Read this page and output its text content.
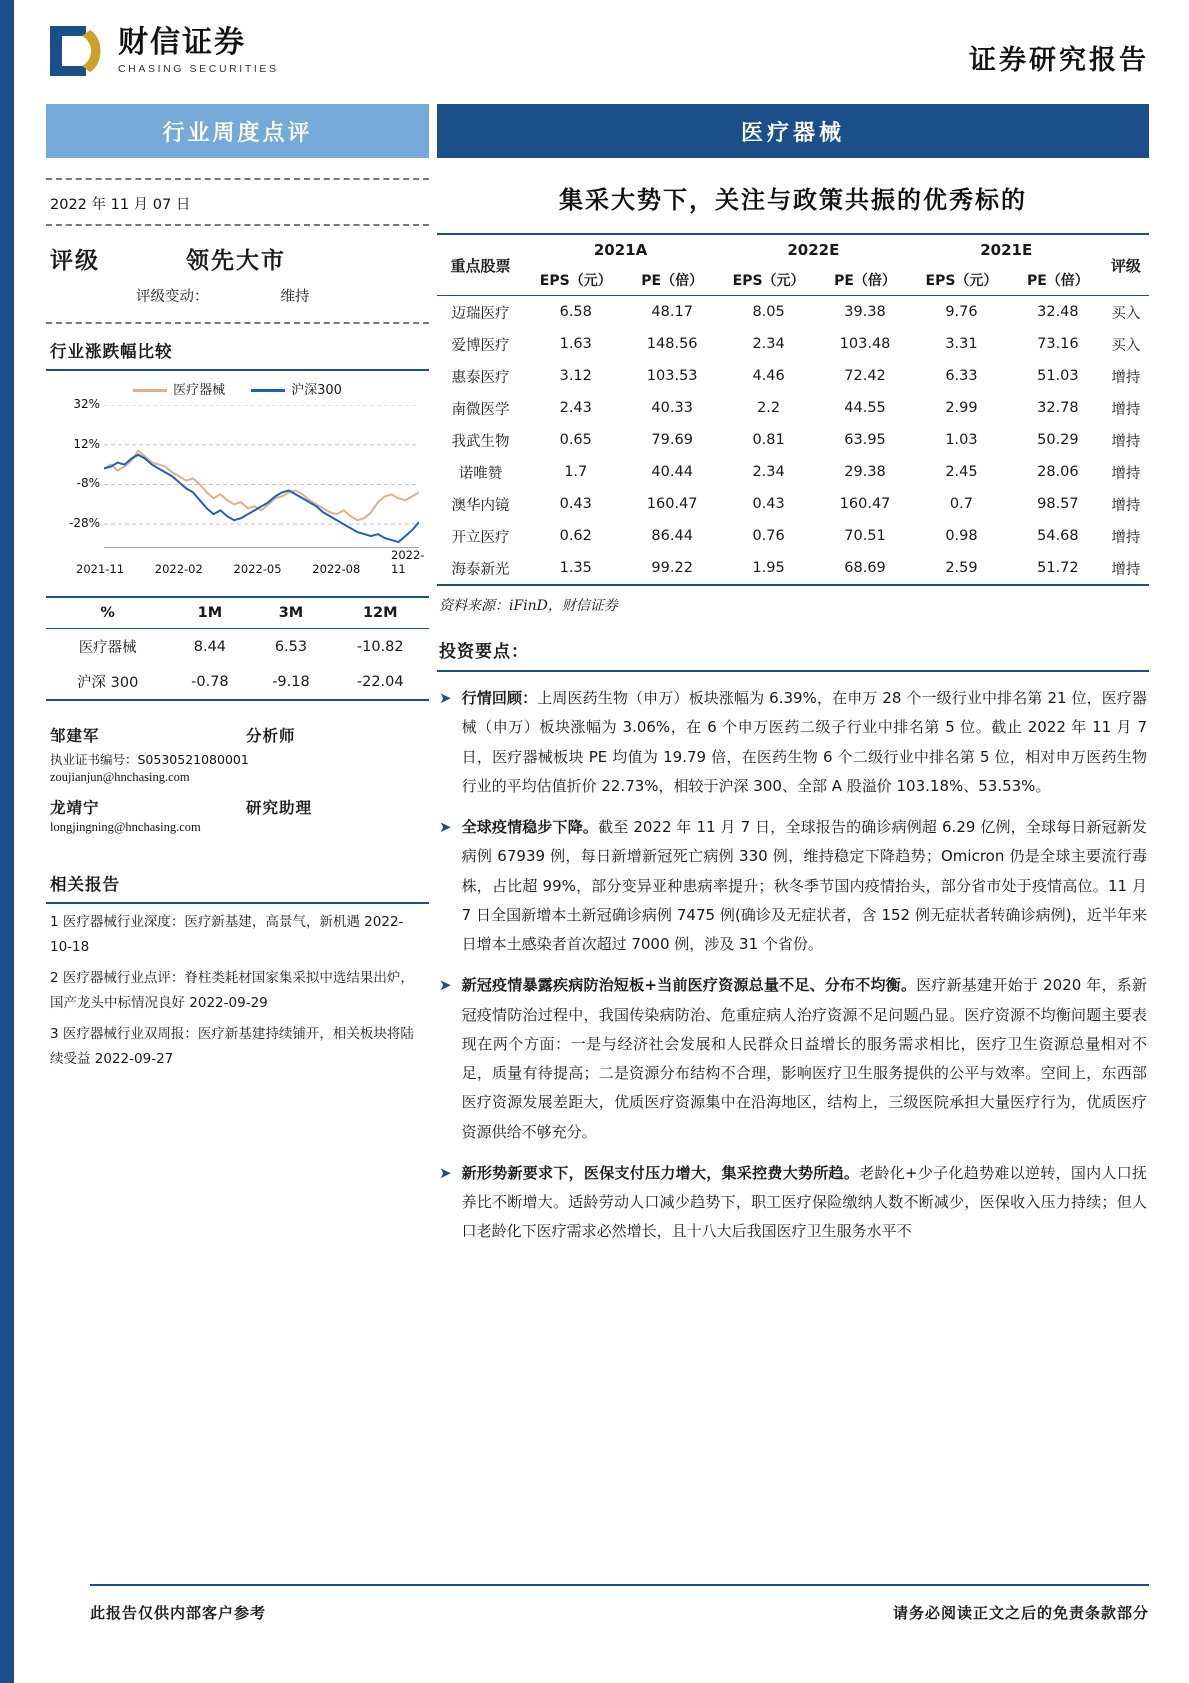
财信证券
CHASING SECURITIES	证券研究报告
行业周度点评	医疗器械
2022 年 11 月 07 日
评级	领先大市
评级变动：	维持
行业涨跌幅比较
医疗器械	沪深300
32%
12%
-8%
-28%
2021-11	2022-02	2022-05	2022-08
2022-11
%	1M	3M	12M
医疗器械	8.44	6.53	-10.82
沪深 300	-0.78	-9.18	-22.04
邹建军	分析师
执业证书编号：S0530521080001
zoujianjun@hnchasing.com
龙靖宁	研究助理
longjingning@hnchasing.com
相关报告
1 医疗器械行业深度：医疗新基建，高景气，新机遇 2022-10-18
2 医疗器械行业点评：脊柱类耗材国家集采拟中选结果出炉，国产龙头中标情况良好 2022-09-29
3 医疗器械行业双周报：医疗新基建持续铺开，相关板块将陆续受益 2022-09-27
集采大势下，关注与政策共振的优秀标的
重点股票	2021A		2022E		2021E		评级
	EPS（元）	PE（倍）	EPS（元）	PE（倍）	EPS（元）	PE（倍）	
迈瑞医疗	6.58	48.17	8.05	39.38	9.76	32.48	买入
爱博医疗	1.63	148.56	2.34	103.48	3.31	73.16	买入
惠泰医疗	3.12	103.53	4.46	72.42	6.33	51.03	增持
南微医学	2.43	40.33	2.2	44.55	2.99	32.78	增持
我武生物	0.65	79.69	0.81	63.95	1.03	50.29	增持
诺唯赞	1.7	40.44	2.34	29.38	2.45	28.06	增持
澳华内镜	0.43	160.47	0.43	160.47	0.7	98.57	增持
开立医疗	0.62	86.44	0.76	70.51	0.98	54.68	增持
海泰新光	1.35	99.22	1.95	68.69	2.59	51.72	增持
资料来源：iFinD，财信证券
投资要点：
➤ 行情回顾：上周医药生物（申万）板块涨幅为 6.39%，在申万 28 个一级行业中排名第 21 位，医疗器械（申万）板块涨幅为 3.06%，在 6 个申万医药二级子行业中排名第 5 位。截止 2022 年 11 月 7 日，医疗器械板块 PE 均值为 19.79 倍，在医药生物 6 个二级行业中排名第 5 位，相对申万医药生物行业的平均估值折价 22.73%，相较于沪深 300、全部 A 股溢价 103.18%、53.53%。
➤ 全球疫情稳步下降。截至 2022 年 11 月 7 日，全球报告的确诊病例超 6.29 亿例，全球每日新冠新发病例 67939 例，每日新增新冠死亡病例 330 例，维持稳定下降趋势；Omicron 仍是全球主要流行毒株，占比超 99%，部分变异亚种患病率提升；秋冬季节国内疫情抬头，部分省市处于疫情高位。11 月 7 日全国新增本土新冠确诊病例 7475 例(确诊及无症状者，含 152 例无症状者转确诊病例)，近半年来日增本土感染者首次超过 7000 例，涉及 31 个省份。
➤ 新冠疫情暴露疾病防治短板+当前医疗资源总量不足、分布不均衡。医疗新基建开始于 2020 年，系新冠疫情防治过程中，我国传染病防治、危重症病人治疗资源不足问题凸显。医疗资源不均衡问题主要表现在两个方面：一是与经济社会发展和人民群众日益增长的服务需求相比，医疗卫生资源总量相对不足，质量有待提高；二是资源分布结构不合理，影响医疗卫生服务提供的公平与效率。空间上，东西部医疗资源发展差距大，优质医疗资源集中在沿海地区，结构上，三级医院承担大量医疗行为，优质医疗资源供给不够充分。
➤ 新形势新要求下，医保支付压力增大，集采控费大势所趋。老龄化+少子化趋势难以逆转，国内人口抚养比不断增大。适龄劳动人口减少趋势下，职工医疗保险缴纳人数不断减少，医保收入压力持续；但人口老龄化下医疗需求必然增长，且十八大后我国医疗卫生服务水平不
此报告仅供内部客户参考	请务必阅读正文之后的免责条款部分
